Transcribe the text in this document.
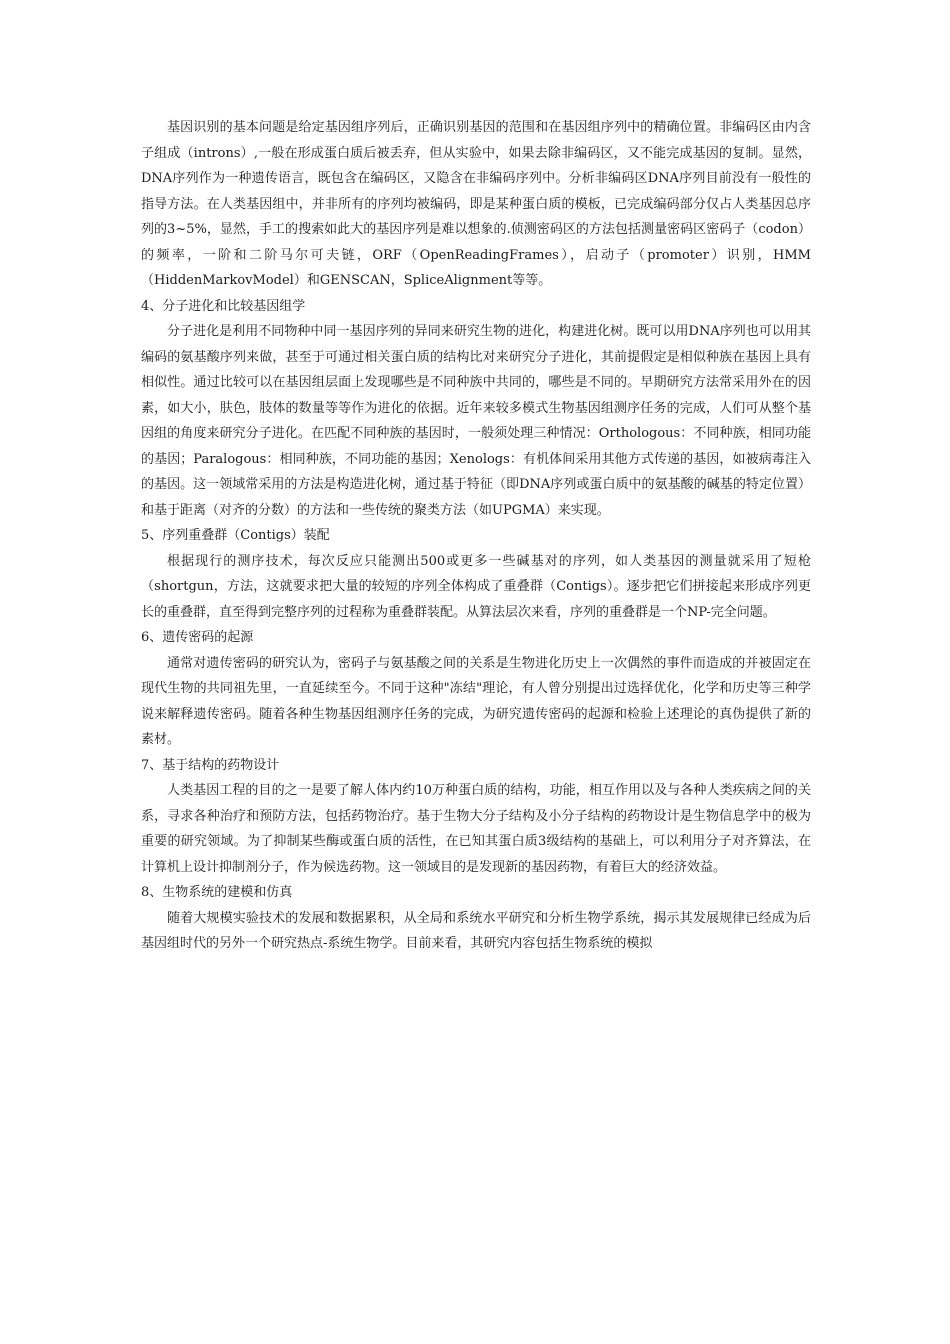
基因识别的基本问题是给定基因组序列后，正确识别基因的范围和在基因组序列中的精确位置。非编码区由内含子组成（introns）,一般在形成蛋白质后被丢弃，但从实验中，如果去除非编码区，又不能完成基因的复制。显然，DNA序列作为一种遗传语言，既包含在编码区，又隐含在非编码序列中。分析非编码区DNA序列目前没有一般性的指导方法。在人类基因组中，并非所有的序列均被编码，即是某种蛋白质的模板，已完成编码部分仅占人类基因总序列的3~5%，显然，手工的搜索如此大的基因序列是难以想象的.侦测密码区的方法包括测量密码区密码子（codon）的频率，一阶和二阶马尔可夫链，ORF（OpenReadingFrames），启动子（promoter）识别，HMM（HiddenMarkovModel）和GENSCAN，SpliceAlignment等等。

4、分子进化和比较基因组学

分子进化是利用不同物种中同一基因序列的异同来研究生物的进化，构建进化树。既可以用DNA序列也可以用其编码的氨基酸序列来做，甚至于可通过相关蛋白质的结构比对来研究分子进化，其前提假定是相似种族在基因上具有相似性。通过比较可以在基因组层面上发现哪些是不同种族中共同的，哪些是不同的。早期研究方法常采用外在的因素，如大小，肤色，肢体的数量等等作为进化的依据。近年来较多模式生物基因组测序任务的完成，人们可从整个基因组的角度来研究分子进化。在匹配不同种族的基因时，一般须处理三种情况：Orthologous：不同种族，相同功能的基因；Paralogous：相同种族，不同功能的基因；Xenologs：有机体间采用其他方式传递的基因，如被病毒注入的基因。这一领域常采用的方法是构造进化树，通过基于特征（即DNA序列或蛋白质中的氨基酸的碱基的特定位置）和基于距离（对齐的分数）的方法和一些传统的聚类方法（如UPGMA）来实现。

5、序列重叠群（Contigs）装配

根据现行的测序技术，每次反应只能测出500或更多一些碱基对的序列，如人类基因的测量就采用了短枪（shortgun，方法，这就要求把大量的较短的序列全体构成了重叠群（Contigs）。逐步把它们拼接起来形成序列更长的重叠群，直至得到完整序列的过程称为重叠群装配。从算法层次来看，序列的重叠群是一个NP-完全问题。

6、遗传密码的起源

通常对遗传密码的研究认为，密码子与氨基酸之间的关系是生物进化历史上一次偶然的事件而造成的并被固定在现代生物的共同祖先里，一直延续至今。不同于这种"冻结"理论，有人曾分别提出过选择优化，化学和历史等三种学说来解释遗传密码。随着各种生物基因组测序任务的完成，为研究遗传密码的起源和检验上述理论的真伪提供了新的素材。

7、基于结构的药物设计

人类基因工程的目的之一是要了解人体内约10万种蛋白质的结构，功能，相互作用以及与各种人类疾病之间的关系，寻求各种治疗和预防方法，包括药物治疗。基于生物大分子结构及小分子结构的药物设计是生物信息学中的极为重要的研究领域。为了抑制某些酶或蛋白质的活性，在已知其蛋白质3级结构的基础上，可以利用分子对齐算法，在计算机上设计抑制剂分子，作为候选药物。这一领域目的是发现新的基因药物，有着巨大的经济效益。

8、生物系统的建模和仿真

随着大规模实验技术的发展和数据累积，从全局和系统水平研究和分析生物学系统，揭示其发展规律已经成为后基因组时代的另外一个研究热点-系统生物学。目前来看，其研究内容包括生物系统的模拟
